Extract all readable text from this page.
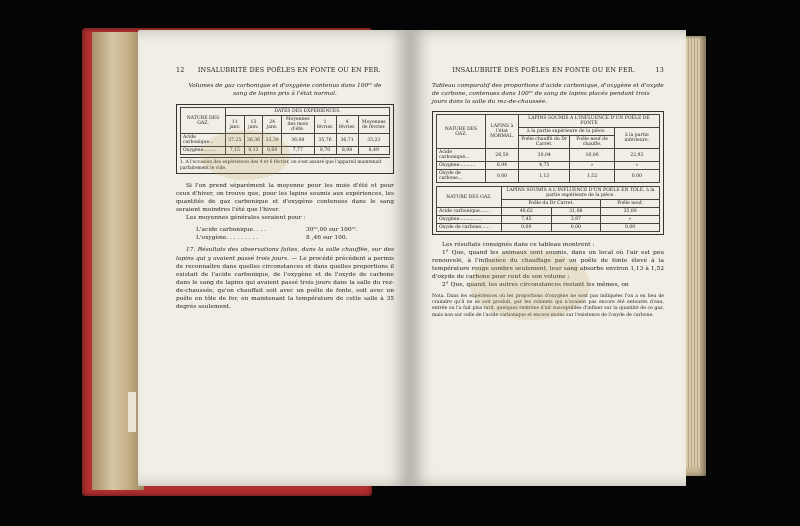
12 INSALUBRITÉ DES POÊLES EN FONTE OU EN FER.

Volumes de gaz carbonique et d'oxygène contenus dans 100ᶜᶜ de sang de lapins pris à l'état normal.

NATURE DES GAZ.	DATES DES EXPÉRIENCES.						
	11 janv.	13 janv.	24 janv.	Moyennes des mois d'été.	1 février.	4 février.	Moyennes de février.
Acide carbonique...	37,25	36,36	33,39	36,08	35,76	36,71	33,23
Oxygène.........	7,15	8,12	8,60	7,77	8,70	8,98	8,49
1. A l'occasion des expériences des 4 et 6 février, on s'est assuré que l'appareil maintenait parfaitement le vide.

Si l'on prend séparément la moyenne pour les mois d'été et pour ceux d'hiver, on trouve que, pour les lapins soumis aux expériences, les quantités de gaz carbonique et d'oxygène contenues dans le sang seraient moindres l'été que l'hiver.

Les moyennes générales seraient pour :

L'acide carbonique. . . .	30ᶜᶜ,00 sur 100ᶜᶜ.
L'oxygène. . . . . . . . .	8 ,46 sur 100.

17. Résultats des observations faites, dans la salle chauffée, sur des lapins qui y avaient passé trois jours. — Le procédé précédent a permis de reconnaître dans quelles circonstances et dans quelles proportions il existait de l'acide carbonique, de l'oxygène et de l'oxyde de carbone dans le sang de lapins qui avaient passé trois jours dans la salle du rez-de-chaussée, qu'on chauffait soit avec un poêle de fonte, soit avec un poêle en tôle de fer, en maintenant la température de cette salle à 35 degrés seulement.

INSALUBRITÉ DES POÊLES EN FONTE OU EN FER.	13

Tableau comparatif des proportions d'acide carbonique, d'oxygène et d'oxyde de carbone, contenues dans 100ᶜᶜ de sang de lapins placés pendant trois jours dans la salle du rez-de-chaussée.

NATURE DES GAZ.	LAPINS à l'état NORMAL.	LAPINS SOUMIS A L'INFLUENCE D'UN POÊLE DE FONTE		
		à la partie supérieure de la pièce.		à la partie inférieure.
		Poêle chauffé du Dr Carret.	Poêle neuf de chauffe.	
Acide carbonique...	26,50	20,04	16,06	22,92
Oxygène...........	6,94	4,75	»	»
Oxyde de carbone...	0,00	1,13	1,52	0,00
NATURE DES GAZ.	LAPINS SOUMIS A L'INFLUENCE D'UN POÊLE EN TÔLE, à la partie supérieure de la pièce.		
	Poêle du Dr Carret.		Poêle neuf.
Acide carbonique.......	40,62	31,08	35,00
Oxygène...............	7,45	3,97	»
Oxyde de carbone......	0,00	0,00	0,00

Les résultats consignés dans ce tableau montrent :

1° Que, quand les animaux sont soumis, dans un local où l'air est peu renouvelé, à l'influence du chauffage par un poêle de fonte élevé à la température rouge sombre seulement, leur sang absorbe environ 1,13 à 1,52 d'oxyde de carbone pour cent de son volume ;

2° Que, quand, les autres circonstances restant les mêmes, on

Nota. Dans les expériences où les proportions d'oxygène ne sont pas indiquées l'on a eu lieu de craindre qu'il ne se soit produit, par les robinets qui n'avaient pas encore été entourés d'eau, entrée ou l'a fait plus tard, quelques rentrées d'air susceptibles d'influer sur la quantité de ce gaz, mais non sur celle de l'acide carbonique et encore moins sur l'existence de l'oxyde de carbone.
